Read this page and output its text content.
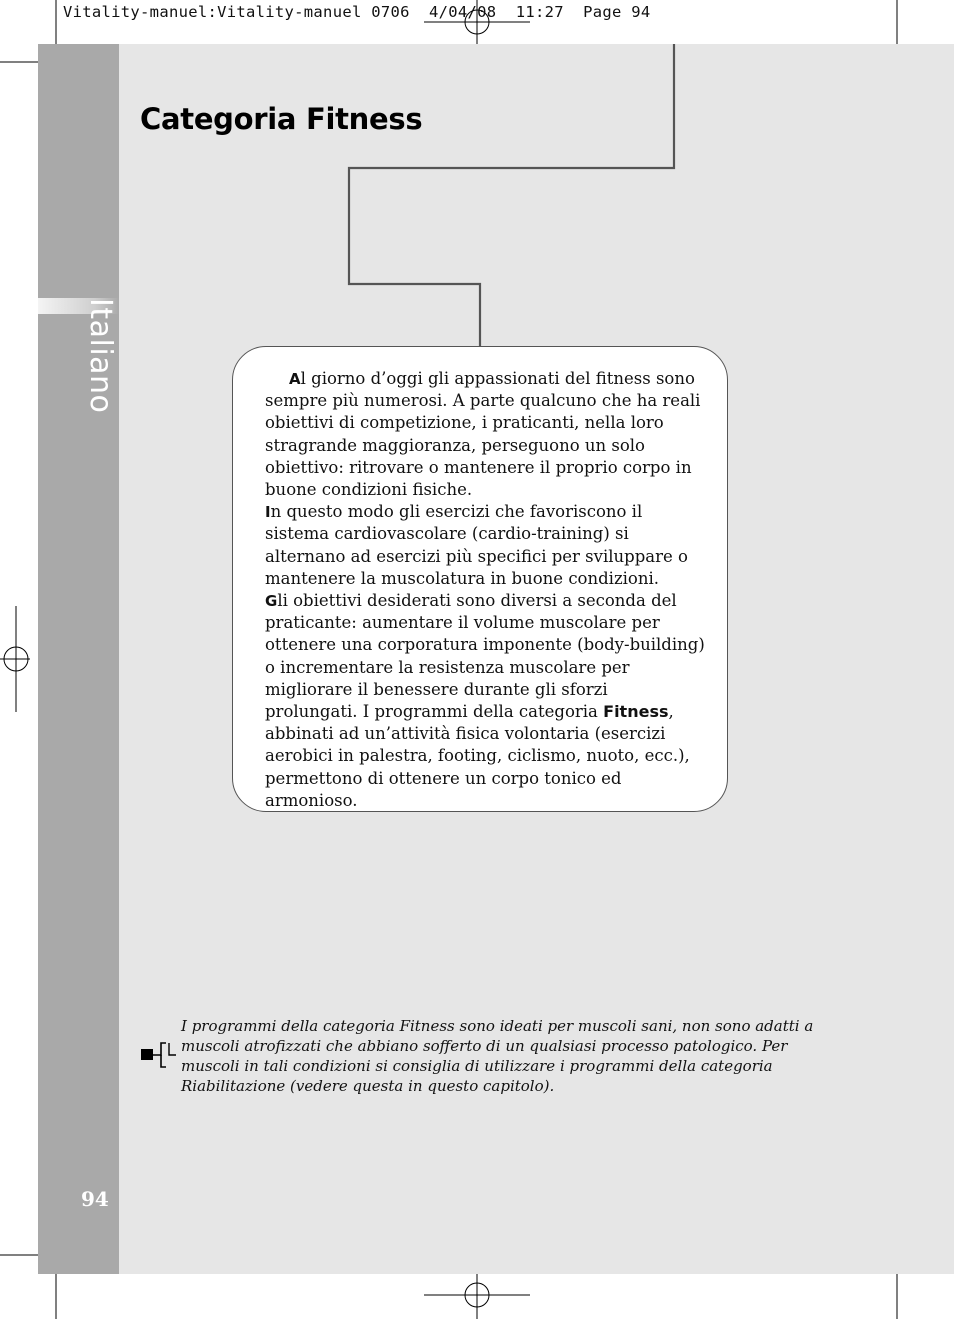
Vitality-manuel:Vitality-manuel 0706  4/04/08  11:27  Page 94
Italiano
94
Categoria Fitness

Al giorno d’oggi gli appassionati del fitness sono sempre più numerosi. A parte qualcuno che ha reali obiettivi di competizione, i praticanti, nella loro stragrande maggioranza, perseguono un solo obiettivo: ritrovare o mantenere il proprio corpo in buone condizioni fisiche.

In questo modo gli esercizi che favoriscono il sistema cardiovascolare (cardio-training) si alternano ad esercizi più specifici per sviluppare o mantenere la muscolatura in buone condizioni.

Gli obiettivi desiderati sono diversi a seconda del praticante: aumentare il volume muscolare per ottenere una corporatura imponente (body-building) o incrementare la resistenza muscolare per migliorare il benessere durante gli sforzi prolungati. I programmi della categoria Fitness, abbinati ad un’attività fisica volontaria (esercizi aerobici in palestra, footing, ciclismo, nuoto, ecc.), permettono di ottenere un corpo tonico ed armonioso.

I programmi della categoria Fitness sono ideati per muscoli sani, non sono adatti a muscoli atrofizzati che abbiano sofferto di un qualsiasi processo patologico. Per muscoli in tali condizioni si consiglia di utilizzare i programmi della categoria Riabilitazione (vedere questa in questo capitolo).
